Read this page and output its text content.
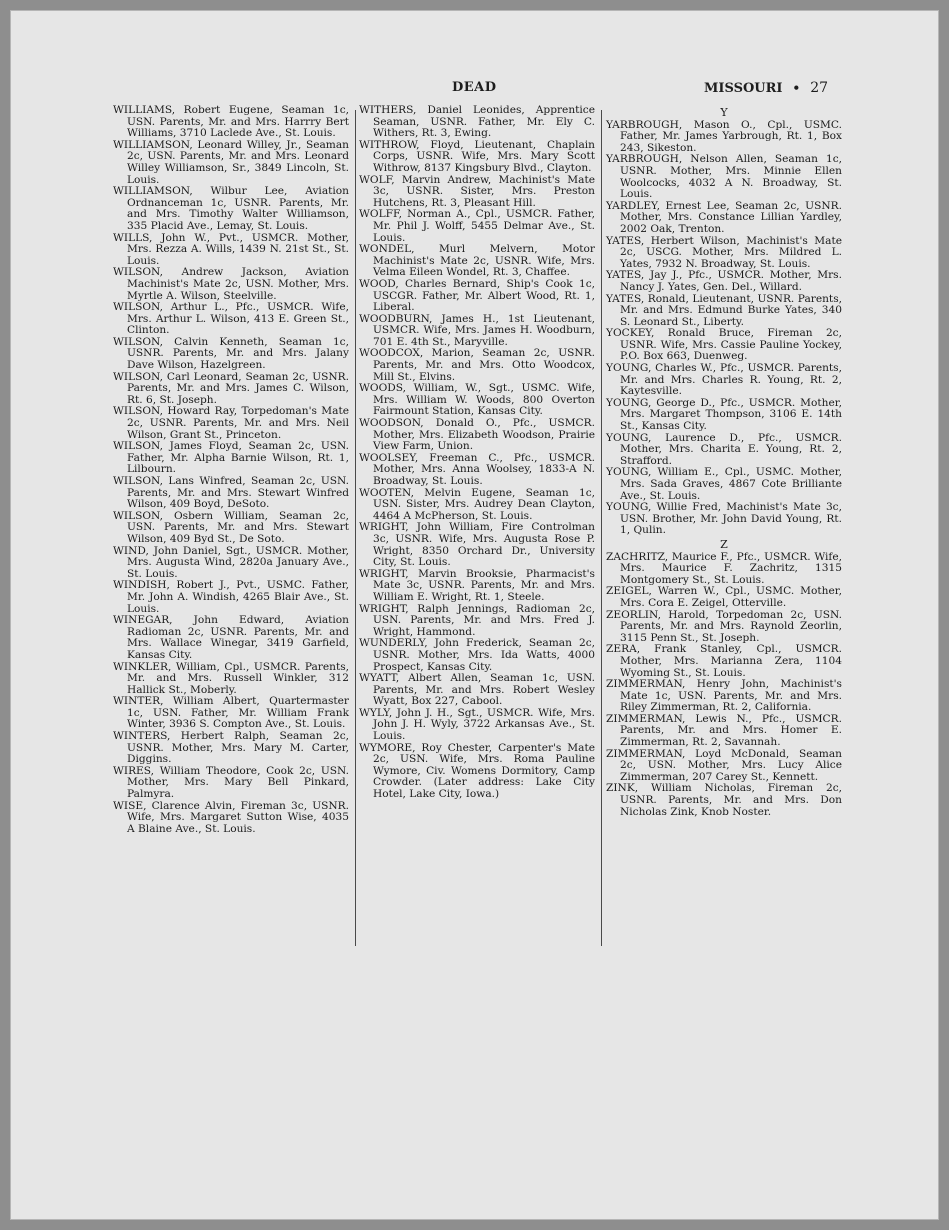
DEAD	MISSOURI • 27
WILLIAMS, Robert Eugene, Seaman 1c, USN. Parents, Mr. and Mrs. Harrry Bert Williams, 3710 Laclede Ave., St. Louis.
WILLIAMSON, Leonard Willey, Jr., Seaman 2c, USN. Parents, Mr. and Mrs. Leonard Willey Williamson, Sr., 3849 Lincoln, St. Louis.
WILLIAMSON, Wilbur Lee, Aviation Ordnanceman 1c, USNR. Parents, Mr. and Mrs. Timothy Walter Williamson, 335 Placid Ave., Lemay, St. Louis.
WILLS, John W., Pvt., USMCR. Mother, Mrs. Rezza A. Wills, 1439 N. 21st St., St. Louis.
WILSON, Andrew Jackson, Aviation Machinist's Mate 2c, USN. Mother, Mrs. Myrtle A. Wilson, Steelville.
WILSON, Arthur L., Pfc., USMCR. Wife, Mrs. Arthur L. Wilson, 413 E. Green St., Clinton.
WILSON, Calvin Kenneth, Seaman 1c, USNR. Parents, Mr. and Mrs. Jalany Dave Wilson, Hazelgreen.
WILSON, Carl Leonard, Seaman 2c, USNR. Parents, Mr. and Mrs. James C. Wilson, Rt. 6, St. Joseph.
WILSON, Howard Ray, Torpedoman's Mate 2c, USNR. Parents, Mr. and Mrs. Neil Wilson, Grant St., Princeton.
WILSON, James Floyd, Seaman 2c, USN. Father, Mr. Alpha Barnie Wilson, Rt. 1, Lilbourn.
WILSON, Lans Winfred, Seaman 2c, USN. Parents, Mr. and Mrs. Stewart Winfred Wilson, 409 Boyd, DeSoto.
WILSON, Osbern William, Seaman 2c, USN. Parents, Mr. and Mrs. Stewart Wilson, 409 Byd St., De Soto.
WIND, John Daniel, Sgt., USMCR. Mother, Mrs. Augusta Wind, 2820a January Ave., St. Louis.
WINDISH, Robert J., Pvt., USMC. Father, Mr. John A. Windish, 4265 Blair Ave., St. Louis.
WINEGAR, John Edward, Aviation Radioman 2c, USNR. Parents, Mr. and Mrs. Wallace Winegar, 3419 Garfield, Kansas City.
WINKLER, William, Cpl., USMCR. Parents, Mr. and Mrs. Russell Winkler, 312 Hallick St., Moberly.
WINTER, William Albert, Quartermaster 1c, USN. Father, Mr. William Frank Winter, 3936 S. Compton Ave., St. Louis.
WINTERS, Herbert Ralph, Seaman 2c, USNR. Mother, Mrs. Mary M. Carter, Diggins.
WIRES, William Theodore, Cook 2c, USN. Mother, Mrs. Mary Bell Pinkard, Palmyra.
WISE, Clarence Alvin, Fireman 3c, USNR. Wife, Mrs. Margaret Sutton Wise, 4035 A Blaine Ave., St. Louis.
WITHERS, Daniel Leonides, Apprentice Seaman, USNR. Father, Mr. Ely C. Withers, Rt. 3, Ewing.
WITHROW, Floyd, Lieutenant, Chaplain Corps, USNR. Wife, Mrs. Mary Scott Withrow, 8137 Kingsbury Blvd., Clayton.
WOLF, Marvin Andrew, Machinist's Mate 3c, USNR. Sister, Mrs. Preston Hutchens, Rt. 3, Pleasant Hill.
WOLFF, Norman A., Cpl., USMCR. Father, Mr. Phil J. Wolff, 5455 Delmar Ave., St. Louis.
WONDEL, Murl Melvern, Motor Machinist's Mate 2c, USNR. Wife, Mrs. Velma Eileen Wondel, Rt. 3, Chaffee.
WOOD, Charles Bernard, Ship's Cook 1c, USCGR. Father, Mr. Albert Wood, Rt. 1, Liberal.
WOODBURN, James H., 1st Lieutenant, USMCR. Wife, Mrs. James H. Woodburn, 701 E. 4th St., Maryville.
WOODCOX, Marion, Seaman 2c, USNR. Parents, Mr. and Mrs. Otto Woodcox, Mill St., Elvins.
WOODS, William, W., Sgt., USMC. Wife, Mrs. William W. Woods, 800 Overton Fairmount Station, Kansas City.
WOODSON, Donald O., Pfc., USMCR. Mother, Mrs. Elizabeth Woodson, Prairie View Farm, Union.
WOOLSEY, Freeman C., Pfc., USMCR. Mother, Mrs. Anna Woolsey, 1833-A N. Broadway, St. Louis.
WOOTEN, Melvin Eugene, Seaman 1c, USN. Sister, Mrs. Audrey Dean Clayton, 4464 A McPherson, St. Louis.
WRIGHT, John William, Fire Controlman 3c, USNR. Wife, Mrs. Augusta Rose P. Wright, 8350 Orchard Dr., University City, St. Louis.
WRIGHT, Marvin Brooksie, Pharmacist's Mate 3c, USNR. Parents, Mr. and Mrs. William E. Wright, Rt. 1, Steele.
WRIGHT, Ralph Jennings, Radioman 2c, USN. Parents, Mr. and Mrs. Fred J. Wright, Hammond.
WUNDERLY, John Frederick, Seaman 2c, USNR. Mother, Mrs. Ida Watts, 4000 Prospect, Kansas City.
WYATT, Albert Allen, Seaman 1c, USN. Parents, Mr. and Mrs. Robert Wesley Wyatt, Box 227, Cabool.
WYLY, John J. H., Sgt., USMCR. Wife, Mrs. John J. H. Wyly, 3722 Arkansas Ave., St. Louis.
WYMORE, Roy Chester, Carpenter's Mate 2c, USN. Wife, Mrs. Roma Pauline Wymore, Civ. Womens Dormitory, Camp Crowder. (Later address: Lake City Hotel, Lake City, Iowa.)
Y
YARBROUGH, Mason O., Cpl., USMC. Father, Mr. James Yarbrough, Rt. 1, Box 243, Sikeston.
YARBROUGH, Nelson Allen, Seaman 1c, USNR. Mother, Mrs. Minnie Ellen Woolcocks, 4032 A N. Broadway, St. Louis.
YARDLEY, Ernest Lee, Seaman 2c, USNR. Mother, Mrs. Constance Lillian Yardley, 2002 Oak, Trenton.
YATES, Herbert Wilson, Machinist's Mate 2c, USCG. Mother, Mrs. Mildred L. Yates, 7932 N. Broadway, St. Louis.
YATES, Jay J., Pfc., USMCR. Mother, Mrs. Nancy J. Yates, Gen. Del., Willard.
YATES, Ronald, Lieutenant, USNR. Parents, Mr. and Mrs. Edmund Burke Yates, 340 S. Leonard St., Liberty.
YOCKEY, Ronald Bruce, Fireman 2c, USNR. Wife, Mrs. Cassie Pauline Yockey, P.O. Box 663, Duenweg.
YOUNG, Charles W., Pfc., USMCR. Parents, Mr. and Mrs. Charles R. Young, Rt. 2, Kaytesville.
YOUNG, George D., Pfc., USMCR. Mother, Mrs. Margaret Thompson, 3106 E. 14th St., Kansas City.
YOUNG, Laurence D., Pfc., USMCR. Mother, Mrs. Charita E. Young, Rt. 2, Strafford.
YOUNG, William E., Cpl., USMC. Mother, Mrs. Sada Graves, 4867 Cote Brilliante Ave., St. Louis.
YOUNG, Willie Fred, Machinist's Mate 3c, USN. Brother, Mr. John David Young, Rt. 1, Qulin.
Z
ZACHRITZ, Maurice F., Pfc., USMCR. Wife, Mrs. Maurice F. Zachritz, 1315 Montgomery St., St. Louis.
ZEIGEL, Warren W., Cpl., USMC. Mother, Mrs. Cora E. Zeigel, Otterville.
ZEORLIN, Harold, Torpedoman 2c, USN. Parents, Mr. and Mrs. Raynold Zeorlin, 3115 Penn St., St. Joseph.
ZERA, Frank Stanley, Cpl., USMCR. Mother, Mrs. Marianna Zera, 1104 Wyoming St., St. Louis.
ZIMMERMAN, Henry John, Machinist's Mate 1c, USN. Parents, Mr. and Mrs. Riley Zimmerman, Rt. 2, California.
ZIMMERMAN, Lewis N., Pfc., USMCR. Parents, Mr. and Mrs. Homer E. Zimmerman, Rt. 2, Savannah.
ZIMMERMAN, Loyd McDonald, Seaman 2c, USN. Mother, Mrs. Lucy Alice Zimmerman, 207 Carey St., Kennett.
ZINK, William Nicholas, Fireman 2c, USNR. Parents, Mr. and Mrs. Don Nicholas Zink, Knob Noster.
